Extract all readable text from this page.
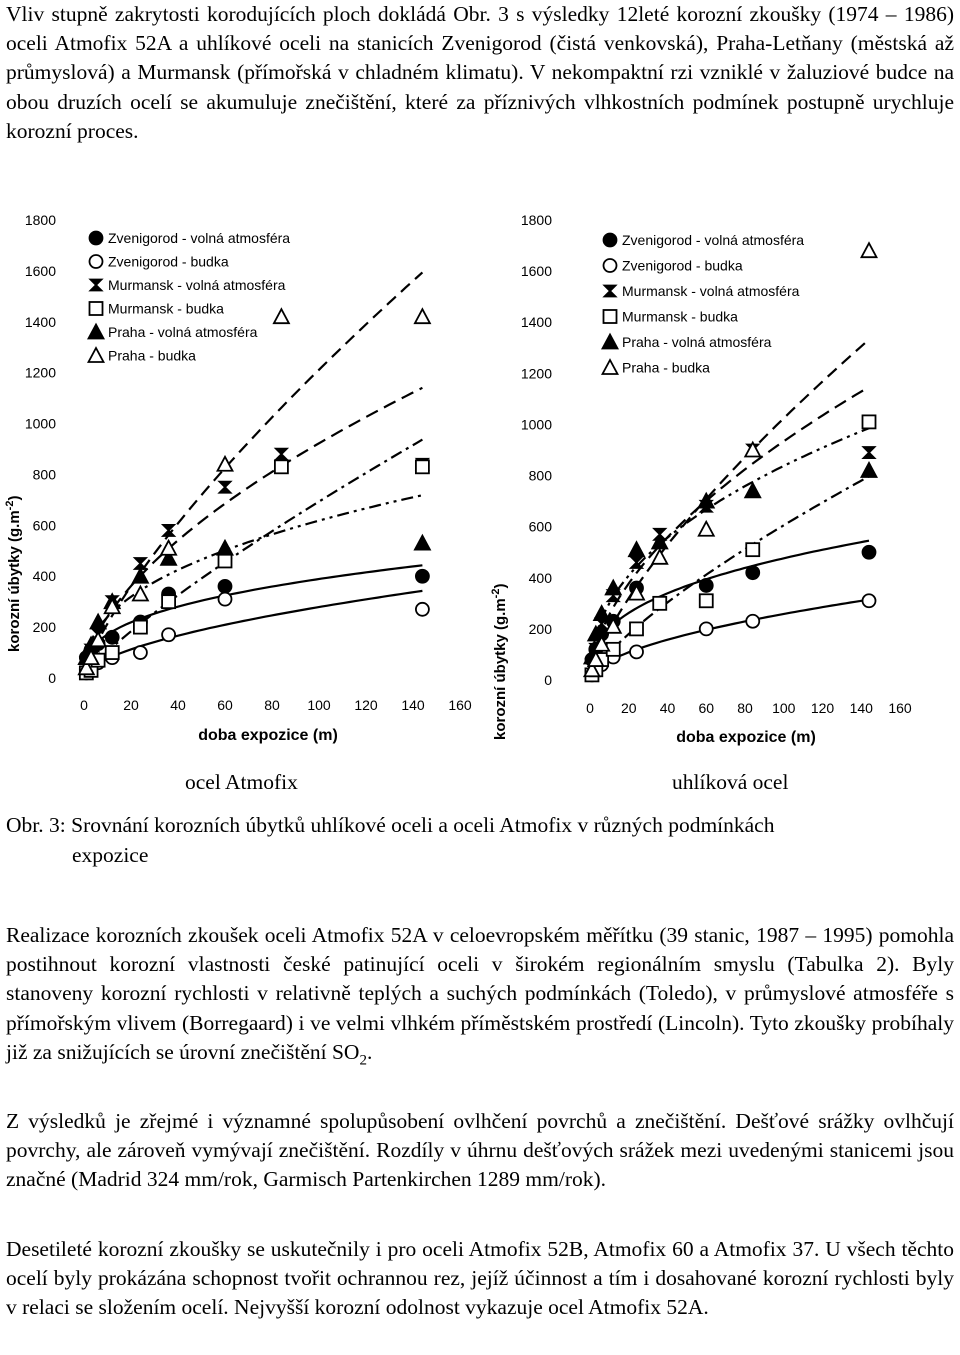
Vliv stupně zakrytosti korodujících ploch dokládá Obr. 3 s výsledky 12leté korozní zkoušky (1974 – 1986) oceli Atmofix 52A a uhlíkové oceli na stanicích Zvenigorod (čistá venkovská), Praha-Letňany (městská až průmyslová) a Murmansk (přímořská v chladném klimatu). V nekompaktní rzi vzniklé v žaluziové budce na obou druzích ocelí se akumuluje znečištění, které za příznivých vlhkostních podmínek postupně urychluje korozní proces.

korozní úbytky $(g.m^{-2})$
doba expozice (m)
0
200
400
600
800
1000
1200
1400
1600
1800
0	20 40 60 80 100 120 140 160
Zvenigorod - volná atmosféra
Zvenigorod - budka
Murmansk - volná atmosféra
Murmansk - budka
Praha - volná atmosféra
Praha - budka
ocel Atmofix
korozní úbytky $(g.m^{-2})$
doba expozice (m)
0
200
400
600
800
1000
1200
1400
1600
1800
0 20 40 60 80 100 120 140 160
Zvenigorod - volná atmosféra
Zvenigorod - budka
Murmansk - volná atmosféra
Murmansk - budka
Praha - volná atmosféra
Praha - budka
uhlíková ocel
Obr. 3: Srovnání korozních úbytků uhlíkové oceli a oceli Atmofix v různých podmínkách
expozice

Realizace korozních zkoušek oceli Atmofix 52A v celoevropském měřítku (39 stanic, 1987 – 1995) pomohla postihnout korozní vlastnosti české patinující oceli v širokém regionálním smyslu (Tabulka 2). Byly stanoveny korozní rychlosti v relativně teplých a suchých podmínkách (Toledo), v průmyslové atmosféře s přímořským vlivem (Borregaard) i ve velmi vlhkém příměstském prostředí (Lincoln). Tyto zkoušky probíhaly již za snižujících se úrovní znečištění $SO_2$.

Z výsledků je zřejmé i významné spolupůsobení ovlhčení povrchů a znečištění. Dešťové srážky ovlhčují povrchy, ale zároveň vymývají znečištění. Rozdíly v úhrnu dešťových srážek mezi uvedenými stanicemi jsou značné (Madrid 324 mm/rok, Garmisch Partenkirchen 1289 mm/rok).

Desetileté korozní zkoušky se uskutečnily i pro oceli Atmofix 52B, Atmofix 60 a Atmofix 37. U všech těchto ocelí byly prokázána schopnost tvořit ochrannou rez, jejíž účinnost a tím i dosahované korozní rychlosti byly v relaci se složením ocelí. Nejvyšší korozní odolnost vykazuje ocel Atmofix 52A.
